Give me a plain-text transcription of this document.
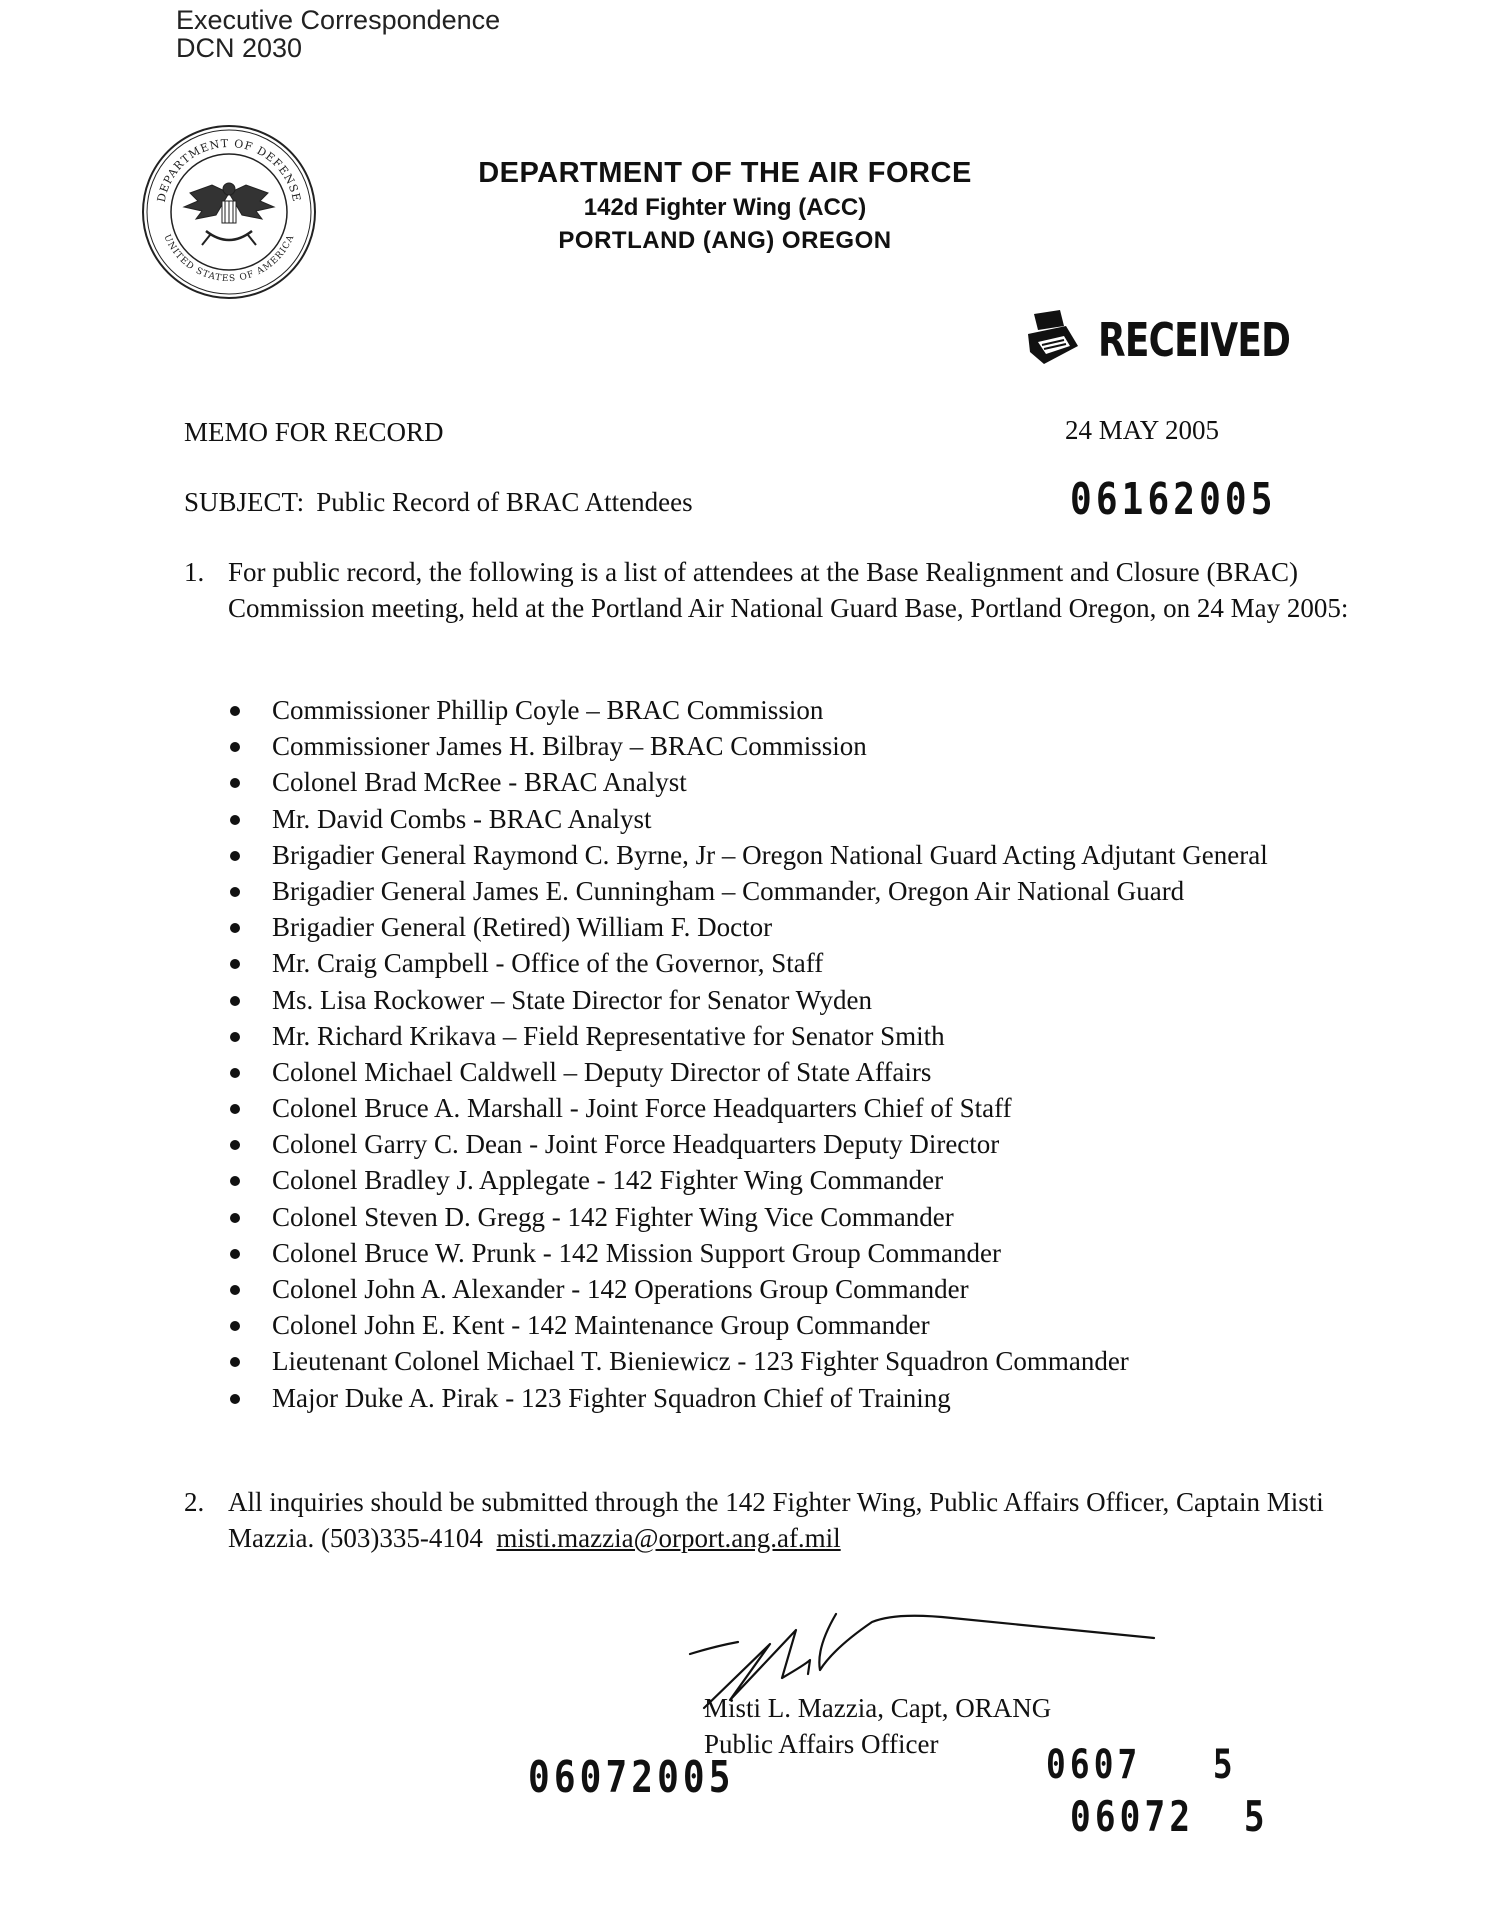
Executive Correspondence
DCN 2030
DEPARTMENT OF DEFENSE
UNITED STATES OF AMERICA
DEPARTMENT OF THE AIR FORCE
142d Fighter Wing (ACC)
PORTLAND (ANG) OREGON
RECEIVED
MEMO FOR RECORD	24 MAY 2005
SUBJECT: Public Record of BRAC Attendees	06162005
1. For public record, the following is a list of attendees at the Base Realignment and Closure (BRAC) Commission meeting, held at the Portland Air National Guard Base, Portland Oregon, on 24 May 2005:
Commissioner Phillip Coyle – BRAC Commission
Commissioner James H. Bilbray – BRAC Commission
Colonel Brad McRee - BRAC Analyst
Mr. David Combs - BRAC Analyst
Brigadier General Raymond C. Byrne, Jr – Oregon National Guard Acting Adjutant General
Brigadier General James E. Cunningham – Commander, Oregon Air National Guard
Brigadier General (Retired) William F. Doctor
Mr. Craig Campbell - Office of the Governor, Staff
Ms. Lisa Rockower – State Director for Senator Wyden
Mr. Richard Krikava – Field Representative for Senator Smith
Colonel Michael Caldwell – Deputy Director of State Affairs
Colonel Bruce A. Marshall - Joint Force Headquarters Chief of Staff
Colonel Garry C. Dean - Joint Force Headquarters Deputy Director
Colonel Bradley J. Applegate - 142 Fighter Wing Commander
Colonel Steven D. Gregg - 142 Fighter Wing Vice Commander
Colonel Bruce W. Prunk - 142 Mission Support Group Commander
Colonel John A. Alexander - 142 Operations Group Commander
Colonel John E. Kent - 142 Maintenance Group Commander
Lieutenant Colonel Michael T. Bieniewicz - 123 Fighter Squadron Commander
Major Duke A. Pirak - 123 Fighter Squadron Chief of Training
2. All inquiries should be submitted through the 142 Fighter Wing, Public Affairs Officer, Captain Misti Mazzia. (503)335-4104 misti.mazzia@orport.ang.af.mil
Misti L. Mazzia, Capt, ORANG
Public Affairs Officer
06072005	0607   5
06072  5
